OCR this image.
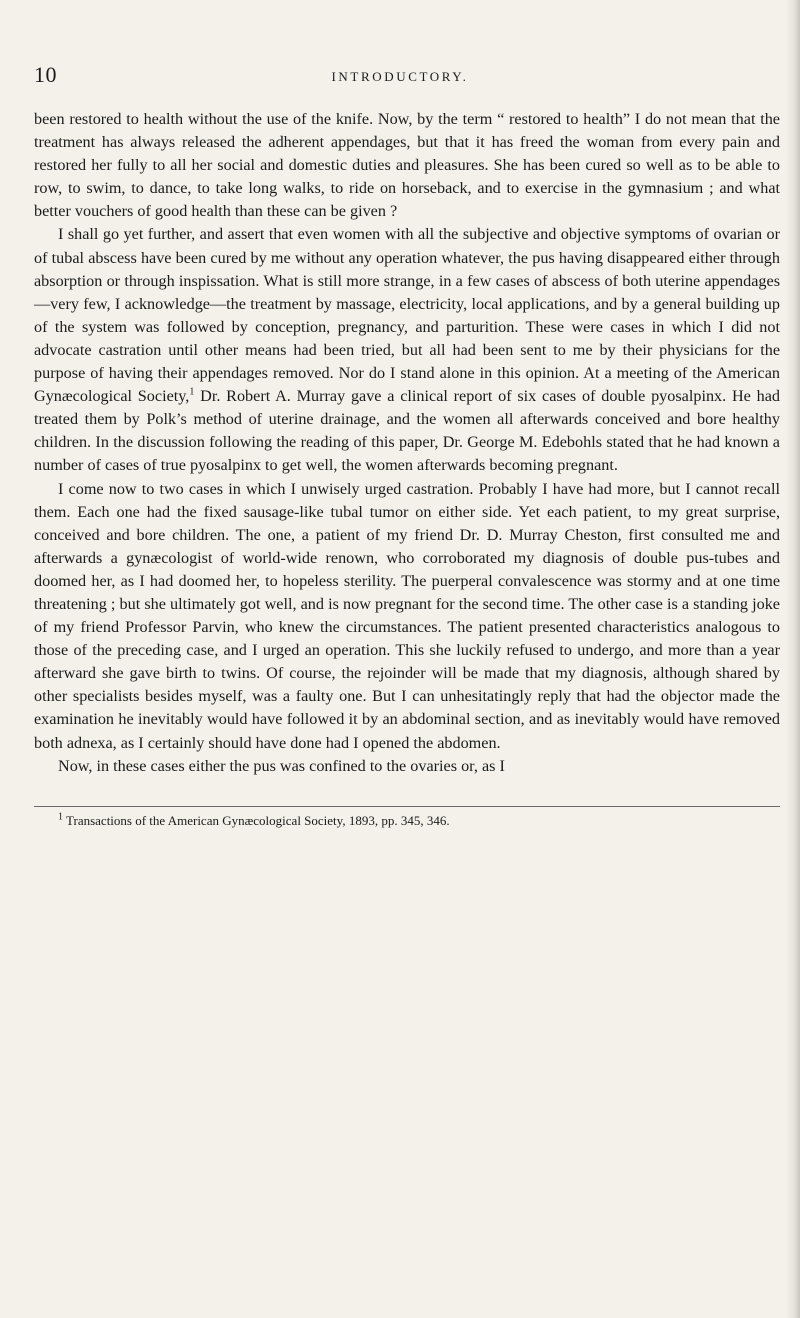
10	INTRODUCTORY.

been restored to health without the use of the knife. Now, by the term “ restored to health” I do not mean that the treatment has always released the adherent appendages, but that it has freed the woman from every pain and restored her fully to all her social and domestic duties and pleasures. She has been cured so well as to be able to row, to swim, to dance, to take long walks, to ride on horseback, and to exercise in the gymnasium ; and what better vouchers of good health than these can be given ?

I shall go yet further, and assert that even women with all the subjective and objective symptoms of ovarian or of tubal abscess have been cured by me without any operation whatever, the pus having disappeared either through absorption or through inspissation. What is still more strange, in a few cases of abscess of both uterine appendages—very few, I acknowledge—the treatment by massage, electricity, local applications, and by a general building up of the system was followed by conception, pregnancy, and parturition. These were cases in which I did not advocate castration until other means had been tried, but all had been sent to me by their physicians for the purpose of having their appendages removed. Nor do I stand alone in this opinion. At a meeting of the American Gynæcological Society,$^1$ Dr. Robert A. Murray gave a clinical report of six cases of double pyosalpinx. He had treated them by Polk’s method of uterine drainage, and the women all afterwards conceived and bore healthy children. In the discussion following the reading of this paper, Dr. George M. Edebohls stated that he had known a number of cases of true pyosalpinx to get well, the women afterwards becoming pregnant.

I come now to two cases in which I unwisely urged castration. Probably I have had more, but I cannot recall them. Each one had the fixed sausage-like tubal tumor on either side. Yet each patient, to my great surprise, conceived and bore children. The one, a patient of my friend Dr. D. Murray Cheston, first consulted me and afterwards a gynæcologist of world-wide renown, who corroborated my diagnosis of double pus-tubes and doomed her, as I had doomed her, to hopeless sterility. The puerperal convalescence was stormy and at one time threatening ; but she ultimately got well, and is now pregnant for the second time. The other case is a standing joke of my friend Professor Parvin, who knew the circumstances. The patient presented characteristics analogous to those of the preceding case, and I urged an operation. This she luckily refused to undergo, and more than a year afterward she gave birth to twins. Of course, the rejoinder will be made that my diagnosis, although shared by other specialists besides myself, was a faulty one. But I can unhesitatingly reply that had the objector made the examination he inevitably would have followed it by an abdominal section, and as inevitably would have removed both adnexa, as I certainly should have done had I opened the abdomen.

Now, in these cases either the pus was confined to the ovaries or, as I

$^1$ Transactions of the American Gynæcological Society, 1893, pp. 345, 346.
